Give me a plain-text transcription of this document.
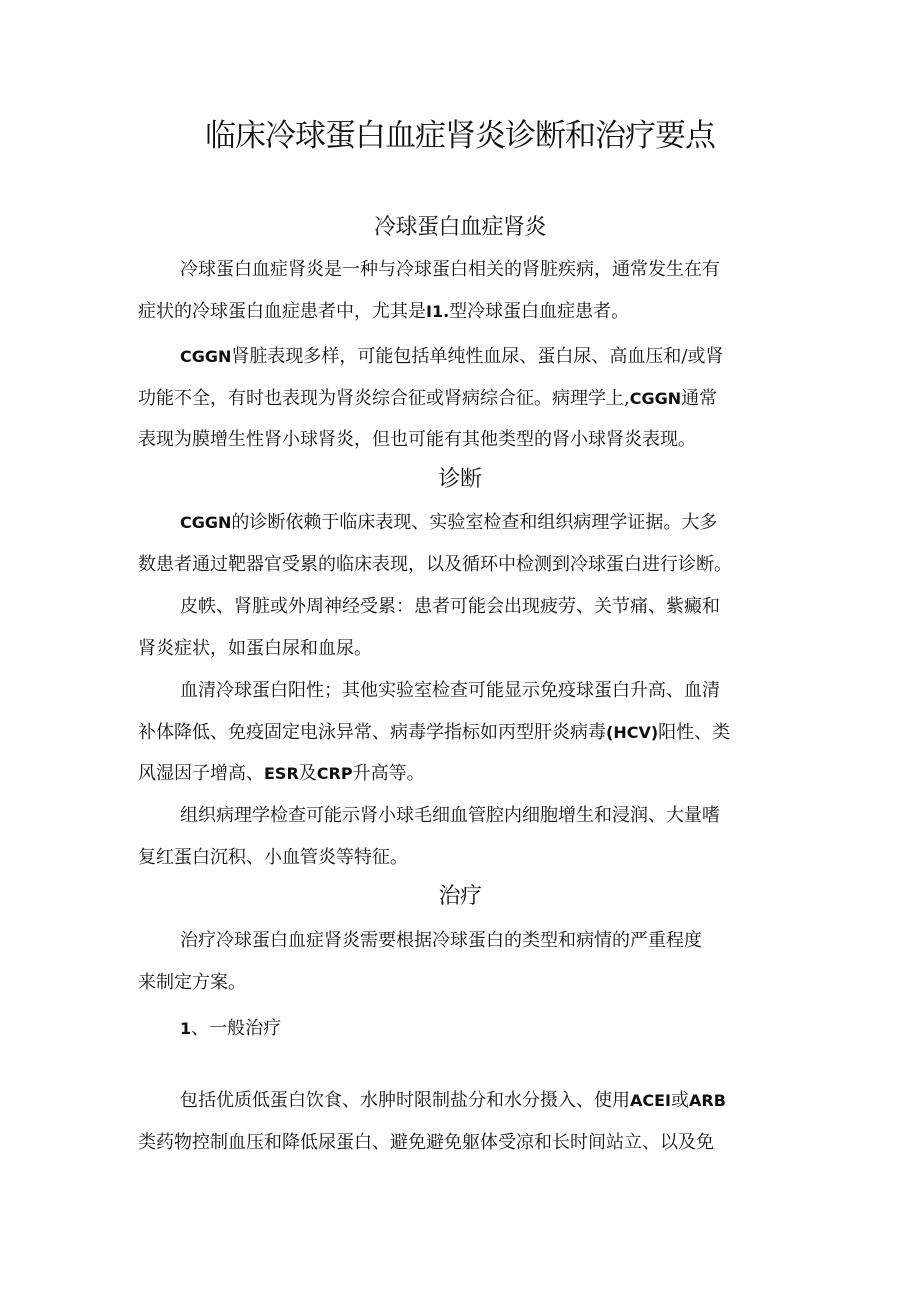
临床冷球蛋白血症肾炎诊断和治疗要点
冷球蛋白血症肾炎
冷球蛋白血症肾炎是一种与冷球蛋白相关的肾脏疾病，通常发生在有
症状的冷球蛋白血症患者中，尤其是I1.型冷球蛋白血症患者。
CGGN肾脏表现多样，可能包括单纯性血尿、蛋白尿、高血压和/或肾
功能不全，有时也表现为肾炎综合征或肾病综合征。病理学上,CGGN通常
表现为膜增生性肾小球肾炎，但也可能有其他类型的肾小球肾炎表现。
诊断
CGGN的诊断依赖于临床表现、实验室检查和组织病理学证据。大多
数患者通过靶器官受累的临床表现，以及循环中检测到冷球蛋白进行诊断。
皮帙、肾脏或外周神经受累：患者可能会出现疲劳、关节痛、紫癜和
肾炎症状，如蛋白尿和血尿。
血清冷球蛋白阳性；其他实验室检查可能显示免疫球蛋白升高、血清
补体降低、免疫固定电泳异常、病毒学指标如丙型肝炎病毒(HCV)阳性、类
风湿因子增高、ESR及CRP升高等。
组织病理学检查可能示肾小球毛细血管腔内细胞增生和浸润、大量嗜
复红蛋白沉积、小血管炎等特征。
治疗
治疗冷球蛋白血症肾炎需要根据冷球蛋白的类型和病情的严重程度
来制定方案。
1、一般治疗
包括优质低蛋白饮食、水肿时限制盐分和水分摄入、使用ACEI或ARB
类药物控制血压和降低尿蛋白、避免避免躯体受凉和长时间站立、以及免
